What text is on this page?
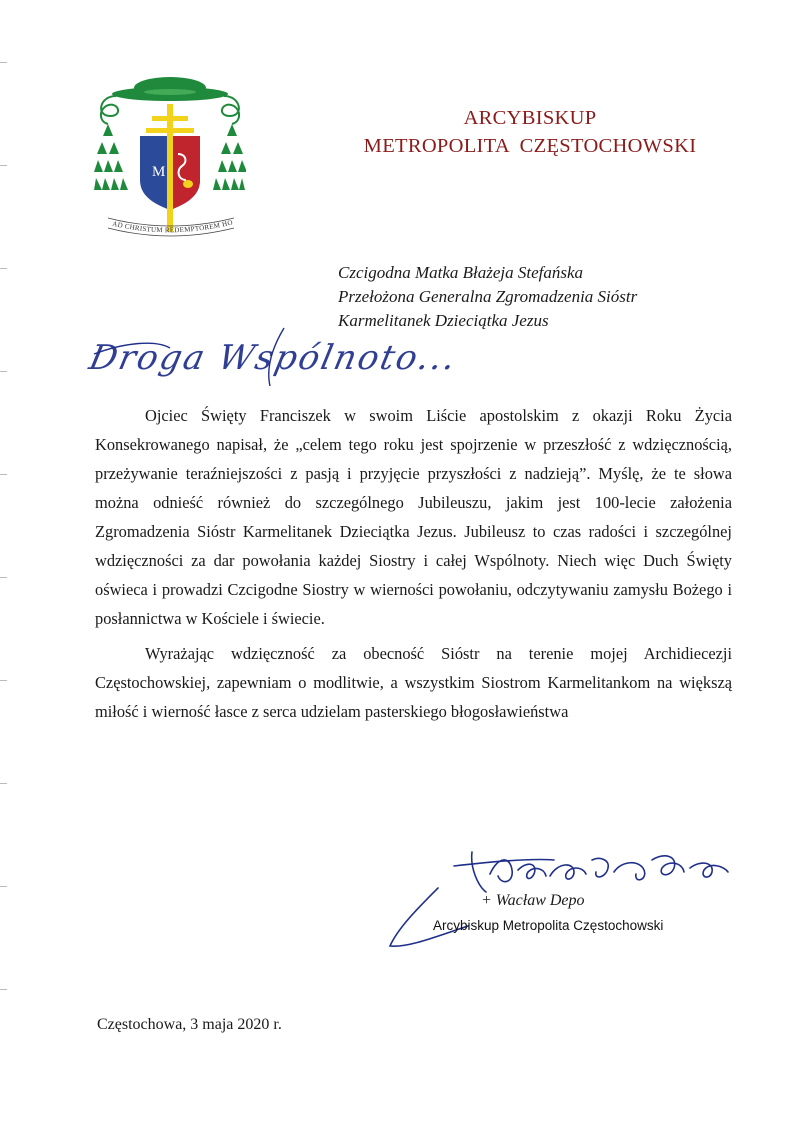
M
AD CHRISTUM REDEMPTOREM HO
ARCYBISKUP
METROPOLITA  CZĘSTOCHOWSKI
Czcigodna Matka Błażeja Stefańska
Przełożona Generalna Zgromadzenia Sióstr
Karmelitanek Dzieciątka Jezus
Droga Wspólnoto...

Ojciec Święty Franciszek w swoim Liście apostolskim z okazji Roku Życia Konsekrowanego napisał, że „celem tego roku jest spojrzenie w przeszłość z wdzięcznością, przeżywanie teraźniejszości z pasją i przyjęcie przyszłości z nadzieją”. Myślę, że te słowa można odnieść również do szczególnego Jubileuszu, jakim jest 100-lecie założenia Zgromadzenia Sióstr Karmelitanek Dzieciątka Jezus. Jubileusz to czas radości i szczególnej wdzięczności za dar powołania każdej Siostry i całej Wspólnoty. Niech więc Duch Święty oświeca i prowadzi Czcigodne Siostry w wierności powołaniu, odczytywaniu zamysłu Bożego i posłannictwa w Kościele i świecie.

Wyrażając wdzięczność za obecność Sióstr na terenie mojej Archidiecezji Częstochowskiej, zapewniam o modlitwie, a wszystkim Siostrom Karmelitankom na większą miłość i wierność łasce z serca udzielam pasterskiego błogosławieństwa

+ Wacław Depo
Arcybiskup Metropolita Częstochowski
Częstochowa, 3 maja 2020 r.
